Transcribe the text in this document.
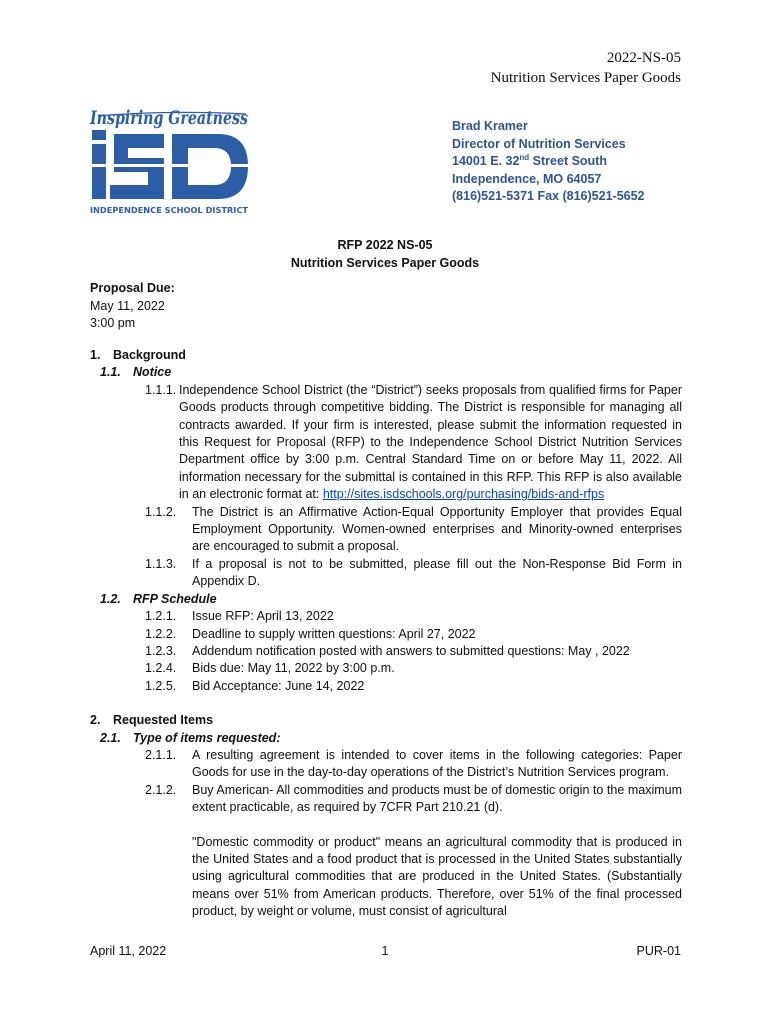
2022-NS-05
Nutrition Services Paper Goods
Inspiring Greatness
INDEPENDENCE SCHOOL DISTRICT
Brad Kramer
Director of Nutrition Services
14001 E. 32nd Street South
Independence, MO 64057
(816)521-5371 Fax (816)521-5652
RFP 2022 NS-05
Nutrition Services Paper Goods
Proposal Due:
May 11, 2022
3:00 pm
1. Background
1.1. Notice
1.1.1. Independence School District (the “District”) seeks proposals from qualified firms for Paper Goods products through competitive bidding. The District is responsible for managing all contracts awarded. If your firm is interested, please submit the information requested in this Request for Proposal (RFP) to the Independence School District Nutrition Services Department office by 3:00 p.m. Central Standard Time on or before May 11, 2022. All information necessary for the submittal is contained in this RFP. This RFP is also available in an electronic format at: http://sites.isdschools.org/purchasing/bids-and-rfps
1.1.2. The District is an Affirmative Action-Equal Opportunity Employer that provides Equal Employment Opportunity. Women-owned enterprises and Minority-owned enterprises are encouraged to submit a proposal.
1.1.3. If a proposal is not to be submitted, please fill out the Non-Response Bid Form in Appendix D.
1.2. RFP Schedule
1.2.1. Issue RFP: April 13, 2022
1.2.2. Deadline to supply written questions: April 27, 2022
1.2.3. Addendum notification posted with answers to submitted questions: May , 2022
1.2.4. Bids due: May 11, 2022 by 3:00 p.m.
1.2.5. Bid Acceptance: June 14, 2022
2. Requested Items
2.1. Type of items requested:
2.1.1. A resulting agreement is intended to cover items in the following categories: Paper Goods for use in the day-to-day operations of the District’s Nutrition Services program.
2.1.2. Buy American- All commodities and products must be of domestic origin to the maximum extent practicable, as required by 7CFR Part 210.21 (d).
"Domestic commodity or product" means an agricultural commodity that is produced in the United States and a food product that is processed in the United States substantially using agricultural commodities that are produced in the United States. (Substantially means over 51% from American products. Therefore, over 51% of the final processed product, by weight or volume, must consist of agricultural
April 11, 2022	1	PUR-01
